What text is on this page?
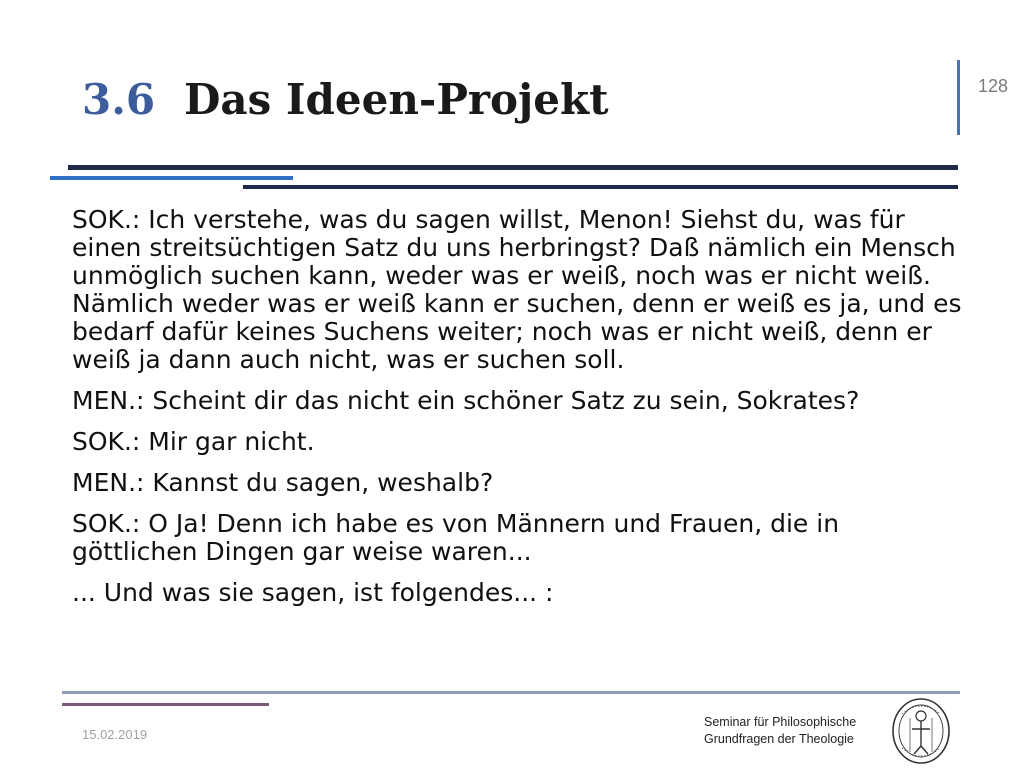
3.6 Das Ideen-Projekt	128

SOK.: Ich verstehe, was du sagen willst, Menon! Siehst du, was für einen streitsüchtigen Satz du uns herbringst? Daß nämlich ein Mensch unmöglich suchen kann, weder was er weiß, noch was er nicht weiß. Nämlich weder was er weiß kann er suchen, denn er weiß es ja, und es bedarf dafür keines Suchens weiter; noch was er nicht weiß, denn er weiß ja dann auch nicht, was er suchen soll.

MEN.: Scheint dir das nicht ein schöner Satz zu sein, Sokrates?

SOK.: Mir gar nicht.

MEN.: Kannst du sagen, weshalb?

SOK.: O Ja! Denn ich habe es von Männern und Frauen, die in göttlichen Dingen gar weise waren...

... Und was sie sagen, ist folgendes... :

15.02.2019
Seminar für Philosophische
Grundfragen der Theologie
